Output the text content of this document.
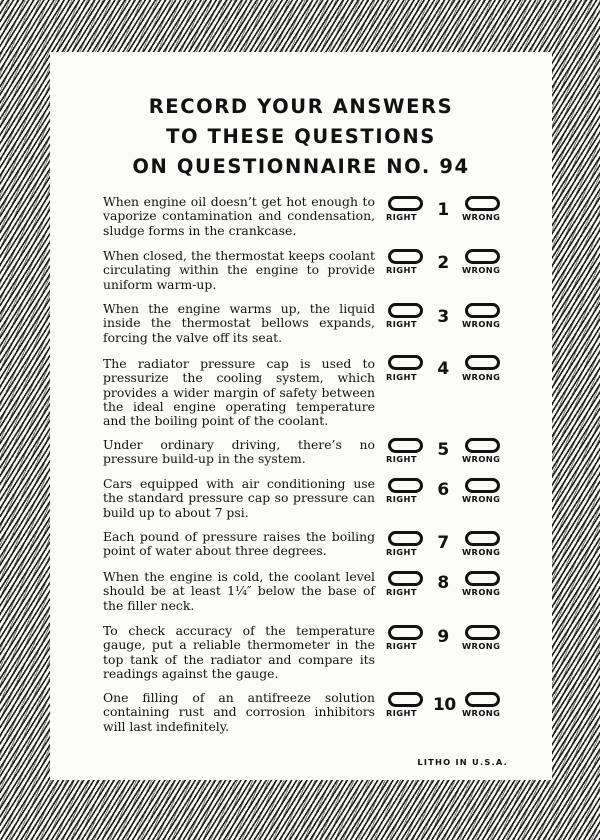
RECORD YOUR ANSWERS
TO THESE QUESTIONS
ON QUESTIONNAIRE NO. 94

When engine oil doesn’t get hot enough to vaporize contamination and condensation, sludge forms in the crankcase.

RIGHT 1	WRONG

When closed, the thermostat keeps coolant circulating within the engine to provide uniform warm-up.

RIGHT 2	WRONG

When the engine warms up, the liquid inside the thermostat bellows expands, forcing the valve off its seat.

RIGHT 3	WRONG

The radiator pressure cap is used to pressurize the cooling system, which provides a wider margin of safety between the ideal engine operating temperature and the boiling point of the coolant.

RIGHT 4	WRONG

Under ordinary driving, there’s no pressure build-up in the system.	RIGHT 5	WRONG

Cars equipped with air conditioning use the standard pressure cap so pressure can build up to about 7 psi.

RIGHT 6	WRONG

Each pound of pressure raises the boiling point of water about three degrees.	RIGHT 7	WRONG

When the engine is cold, the coolant level should be at least 1¼″ below the base of the filler neck.

RIGHT 8	WRONG

To check accuracy of the temperature gauge, put a reliable thermometer in the top tank of the radiator and compare its readings against the gauge.

RIGHT 9	WRONG

One filling of an antifreeze solution containing rust and corrosion inhibitors will last indefinitely.

RIGHT 10 WRONG
LITHO IN U.S.A.
